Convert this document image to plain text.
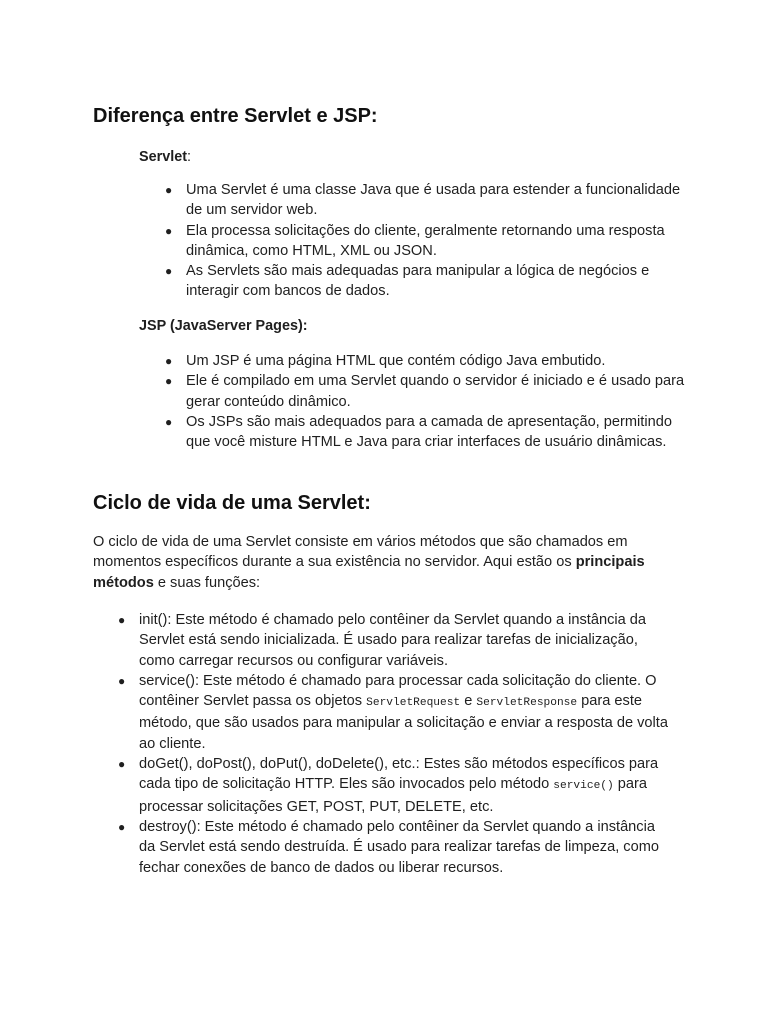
Diferença entre Servlet e JSP:

Servlet:

● Uma Servlet é uma classe Java que é usada para estender a funcionalidade de um servidor web.
● Ela processa solicitações do cliente, geralmente retornando uma resposta dinâmica, como HTML, XML ou JSON.
● As Servlets são mais adequadas para manipular a lógica de negócios e interagir com bancos de dados.

JSP (JavaServer Pages):

● Um JSP é uma página HTML que contém código Java embutido.
● Ele é compilado em uma Servlet quando o servidor é iniciado e é usado para gerar conteúdo dinâmico.
● Os JSPs são mais adequados para a camada de apresentação, permitindo que você misture HTML e Java para criar interfaces de usuário dinâmicas.
Ciclo de vida de uma Servlet:

O ciclo de vida de uma Servlet consiste em vários métodos que são chamados em momentos específicos durante a sua existência no servidor. Aqui estão os principais métodos e suas funções:

● init(): Este método é chamado pelo contêiner da Servlet quando a instância da Servlet está sendo inicializada. É usado para realizar tarefas de inicialização, como carregar recursos ou configurar variáveis.
● service(): Este método é chamado para processar cada solicitação do cliente. O contêiner Servlet passa os objetos ServletRequest e ServletResponse para este método, que são usados para manipular a solicitação e enviar a resposta de volta ao cliente.
● doGet(), doPost(), doPut(), doDelete(), etc.: Estes são métodos específicos para cada tipo de solicitação HTTP. Eles são invocados pelo método service() para processar solicitações GET, POST, PUT, DELETE, etc.
● destroy(): Este método é chamado pelo contêiner da Servlet quando a instância da Servlet está sendo destruída. É usado para realizar tarefas de limpeza, como fechar conexões de banco de dados ou liberar recursos.
